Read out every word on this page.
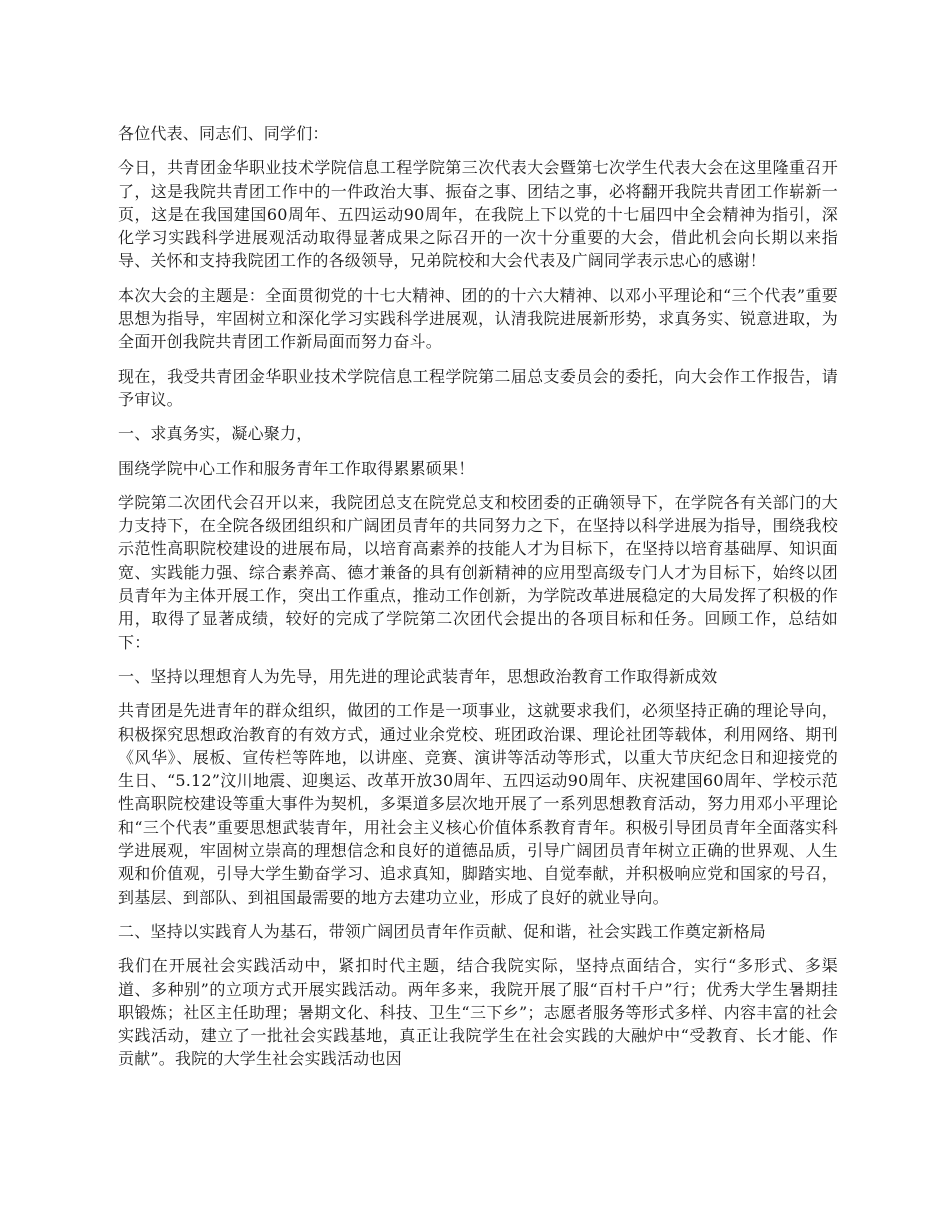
各位代表、同志们、同学们：

今日，共青团金华职业技术学院信息工程学院第三次代表大会暨第七次学生代表大会在这里隆重召开了，这是我院共青团工作中的一件政治大事、振奋之事、团结之事，必将翻开我院共青团工作崭新一页，这是在我国建国60周年、五四运动90周年，在我院上下以党的十七届四中全会精神为指引，深化学习实践科学进展观活动取得显著成果之际召开的一次十分重要的大会，借此机会向长期以来指导、关怀和支持我院团工作的各级领导，兄弟院校和大会代表及广阔同学表示忠心的感谢！

本次大会的主题是：全面贯彻党的十七大精神、团的的十六大精神、以邓小平理论和“三个代表”重要思想为指导，牢固树立和深化学习实践科学进展观，认清我院进展新形势，求真务实、锐意进取，为全面开创我院共青团工作新局面而努力奋斗。

现在，我受共青团金华职业技术学院信息工程学院第二届总支委员会的委托，向大会作工作报告，请予审议。

一、求真务实，凝心聚力，

围绕学院中心工作和服务青年工作取得累累硕果！

学院第二次团代会召开以来，我院团总支在院党总支和校团委的正确领导下，在学院各有关部门的大力支持下，在全院各级团组织和广阔团员青年的共同努力之下，在坚持以科学进展为指导，围绕我校示范性高职院校建设的进展布局，以培育高素养的技能人才为目标下，在坚持以培育基础厚、知识面宽、实践能力强、综合素养高、德才兼备的具有创新精神的应用型高级专门人才为目标下，始终以团员青年为主体开展工作，突出工作重点，推动工作创新，为学院改革进展稳定的大局发挥了积极的作用，取得了显著成绩，较好的完成了学院第二次团代会提出的各项目标和任务。回顾工作，总结如下：

一、坚持以理想育人为先导，用先进的理论武装青年，思想政治教育工作取得新成效

共青团是先进青年的群众组织，做团的工作是一项事业，这就要求我们，必须坚持正确的理论导向，积极探究思想政治教育的有效方式，通过业余党校、班团政治课、理论社团等载体，利用网络、期刊《风华》、展板、宣传栏等阵地，以讲座、竞赛、演讲等活动等形式，以重大节庆纪念日和迎接党的生日、“5.12”汶川地震、迎奥运、改革开放30周年、五四运动90周年、庆祝建国60周年、学校示范性高职院校建设等重大事件为契机，多渠道多层次地开展了一系列思想教育活动，努力用邓小平理论和“三个代表”重要思想武装青年，用社会主义核心价值体系教育青年。积极引导团员青年全面落实科学进展观，牢固树立崇高的理想信念和良好的道德品质，引导广阔团员青年树立正确的世界观、人生观和价值观，引导大学生勤奋学习、追求真知，脚踏实地、自觉奉献，并积极响应党和国家的号召，到基层、到部队、到祖国最需要的地方去建功立业，形成了良好的就业导向。

二、坚持以实践育人为基石，带领广阔团员青年作贡献、促和谐，社会实践工作奠定新格局

我们在开展社会实践活动中，紧扣时代主题，结合我院实际，坚持点面结合，实行“多形式、多渠道、多种别”的立项方式开展实践活动。两年多来，我院开展了服“百村千户”行；优秀大学生暑期挂职锻炼；社区主任助理；暑期文化、科技、卫生“三下乡”；志愿者服务等形式多样、内容丰富的社会实践活动，建立了一批社会实践基地，真正让我院学生在社会实践的大融炉中“受教育、长才能、作贡献”。我院的大学生社会实践活动也因
